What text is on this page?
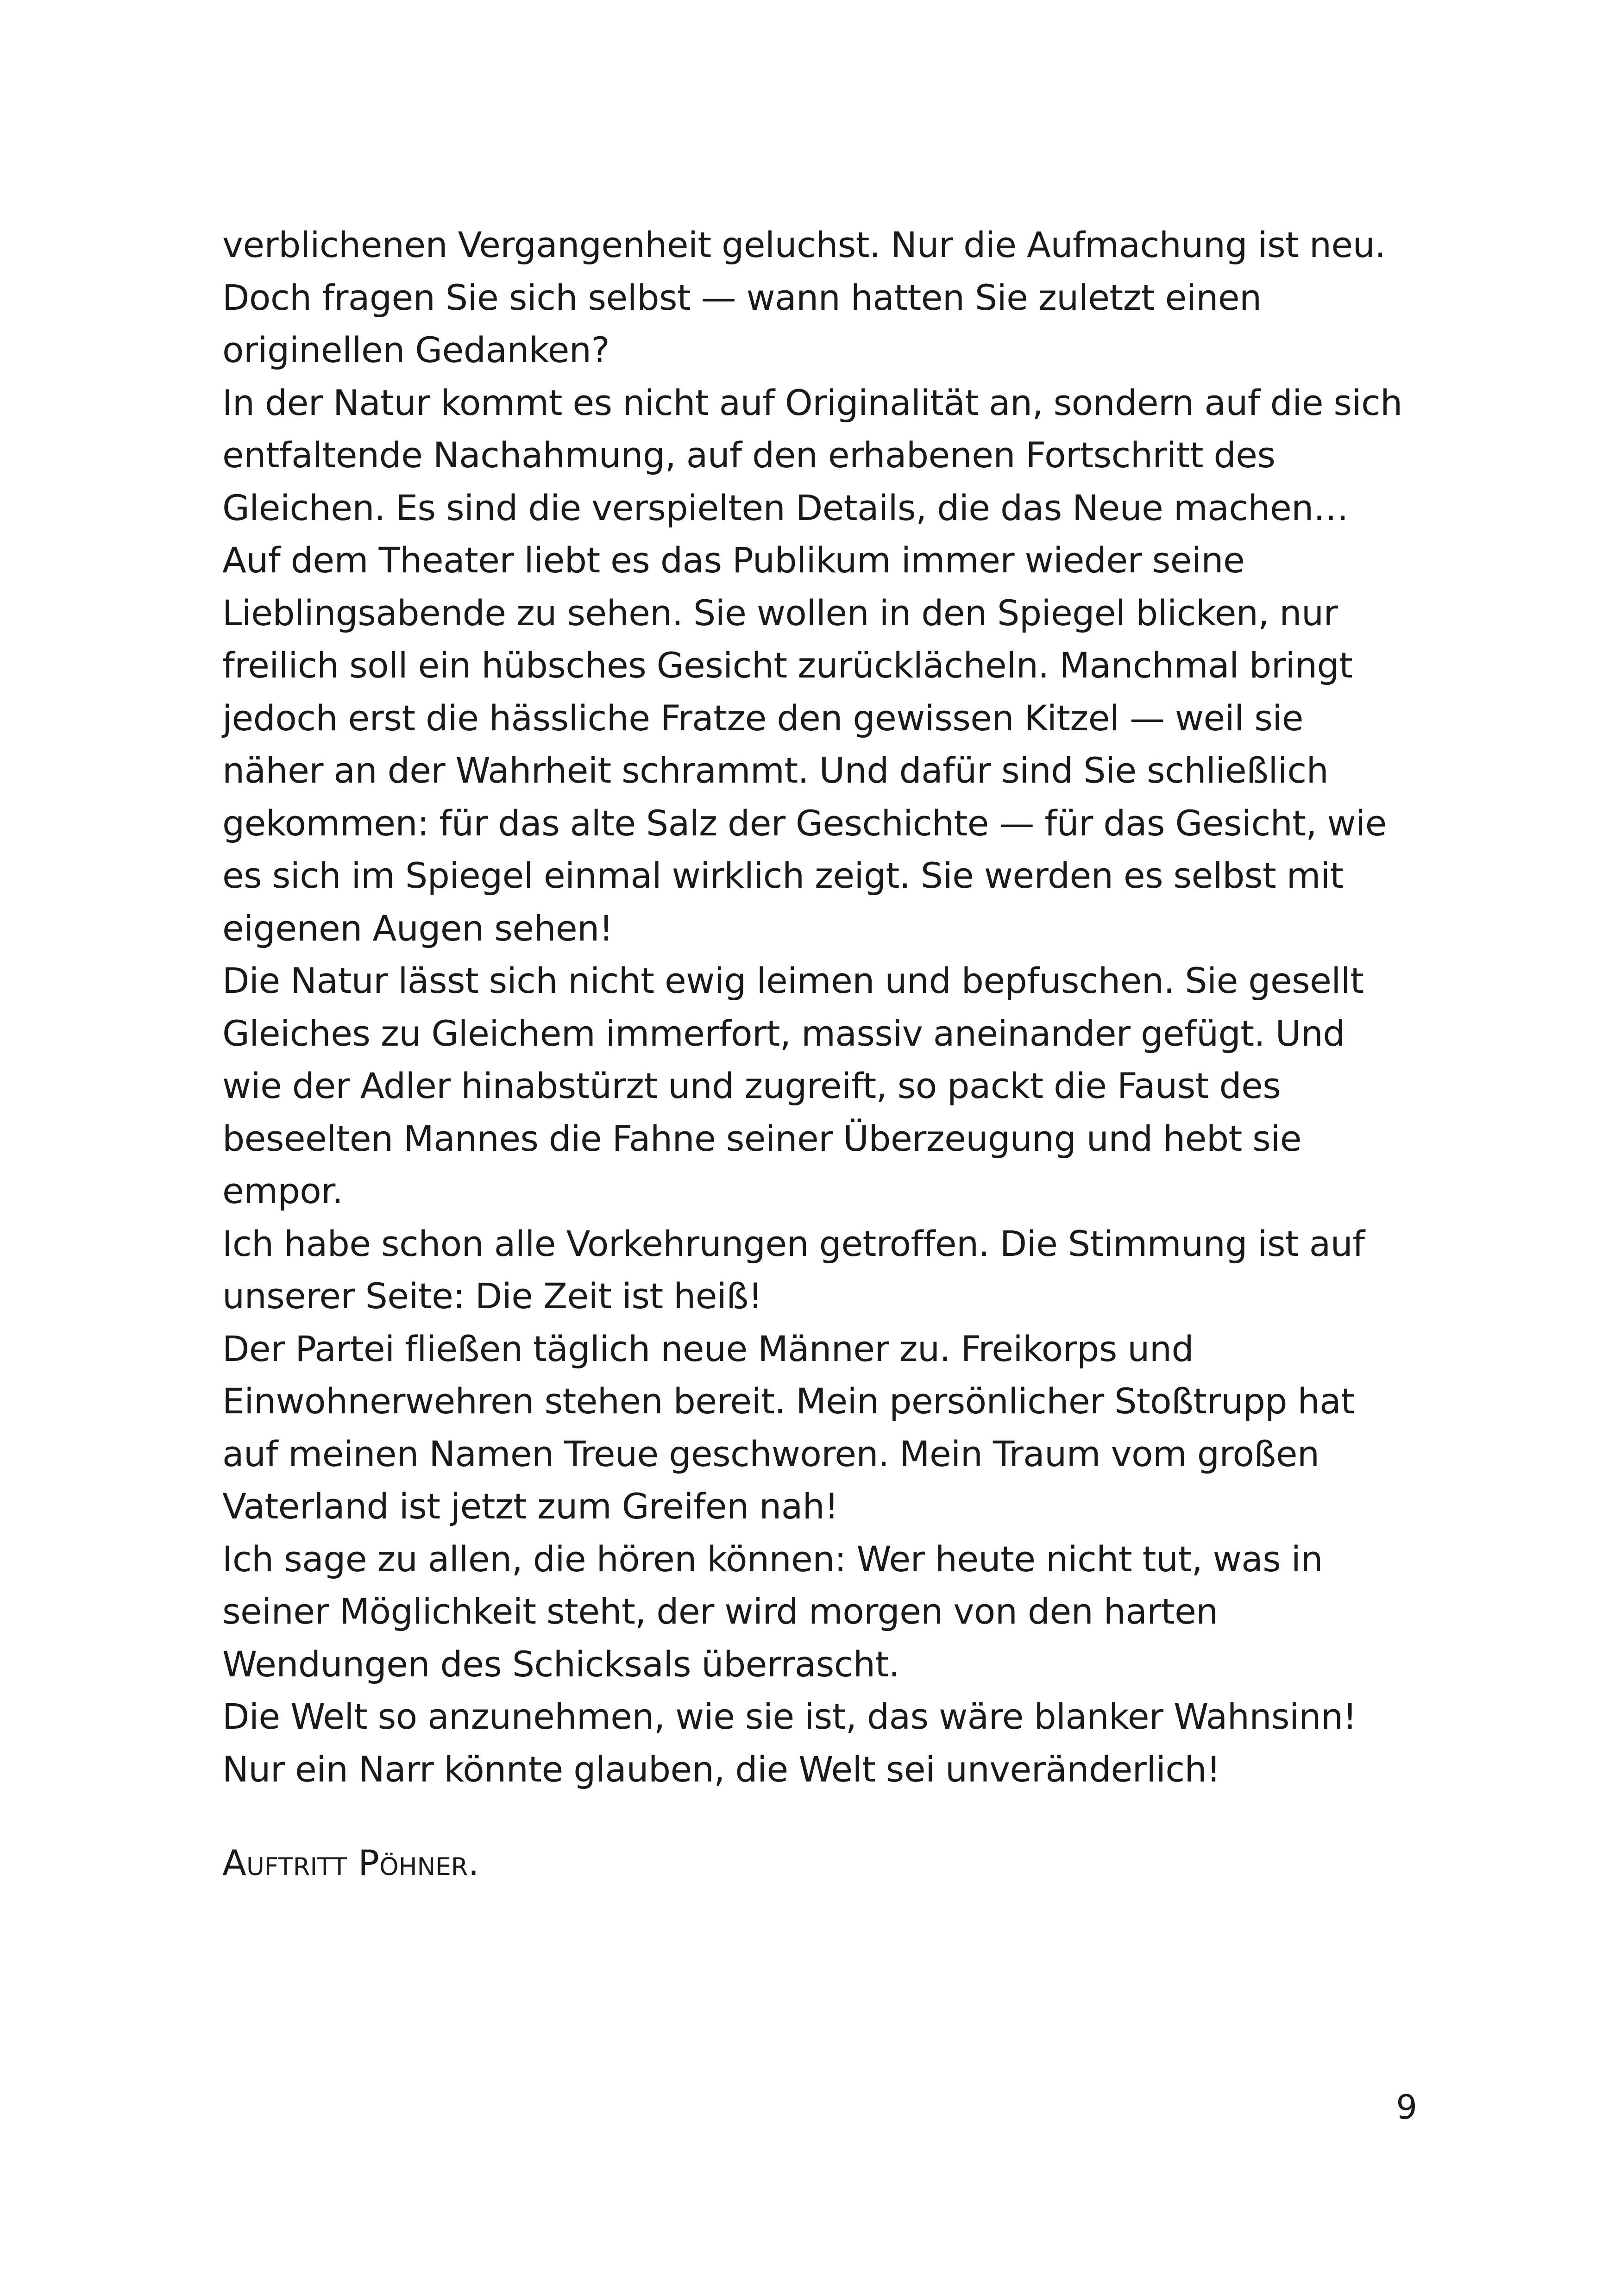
verblichenen Vergangenheit geluchst. Nur die Aufmachung ist neu.
Doch fragen Sie sich selbst — wann hatten Sie zuletzt einen
originellen Gedanken?
In der Natur kommt es nicht auf Originalität an, sondern auf die sich
entfaltende Nachahmung, auf den erhabenen Fortschritt des
Gleichen. Es sind die verspielten Details, die das Neue machen…
Auf dem Theater liebt es das Publikum immer wieder seine
Lieblingsabende zu sehen. Sie wollen in den Spiegel blicken, nur
freilich soll ein hübsches Gesicht zurücklächeln. Manchmal bringt
jedoch erst die hässliche Fratze den gewissen Kitzel — weil sie
näher an der Wahrheit schrammt. Und dafür sind Sie schließlich
gekommen: für das alte Salz der Geschichte — für das Gesicht, wie
es sich im Spiegel einmal wirklich zeigt. Sie werden es selbst mit
eigenen Augen sehen!
Die Natur lässt sich nicht ewig leimen und bepfuschen. Sie gesellt
Gleiches zu Gleichem immerfort, massiv aneinander gefügt. Und
wie der Adler hinabstürzt und zugreift, so packt die Faust des
beseelten Mannes die Fahne seiner Überzeugung und hebt sie
empor.
Ich habe schon alle Vorkehrungen getroffen. Die Stimmung ist auf
unserer Seite: Die Zeit ist heiß!
Der Partei fließen täglich neue Männer zu. Freikorps und
Einwohnerwehren stehen bereit. Mein persönlicher Stoßtrupp hat
auf meinen Namen Treue geschworen. Mein Traum vom großen
Vaterland ist jetzt zum Greifen nah!
Ich sage zu allen, die hören können: Wer heute nicht tut, was in
seiner Möglichkeit steht, der wird morgen von den harten
Wendungen des Schicksals überrascht.
Die Welt so anzunehmen, wie sie ist, das wäre blanker Wahnsinn!
Nur ein Narr könnte glauben, die Welt sei unveränderlich!
Auftritt Pöhner.
9
